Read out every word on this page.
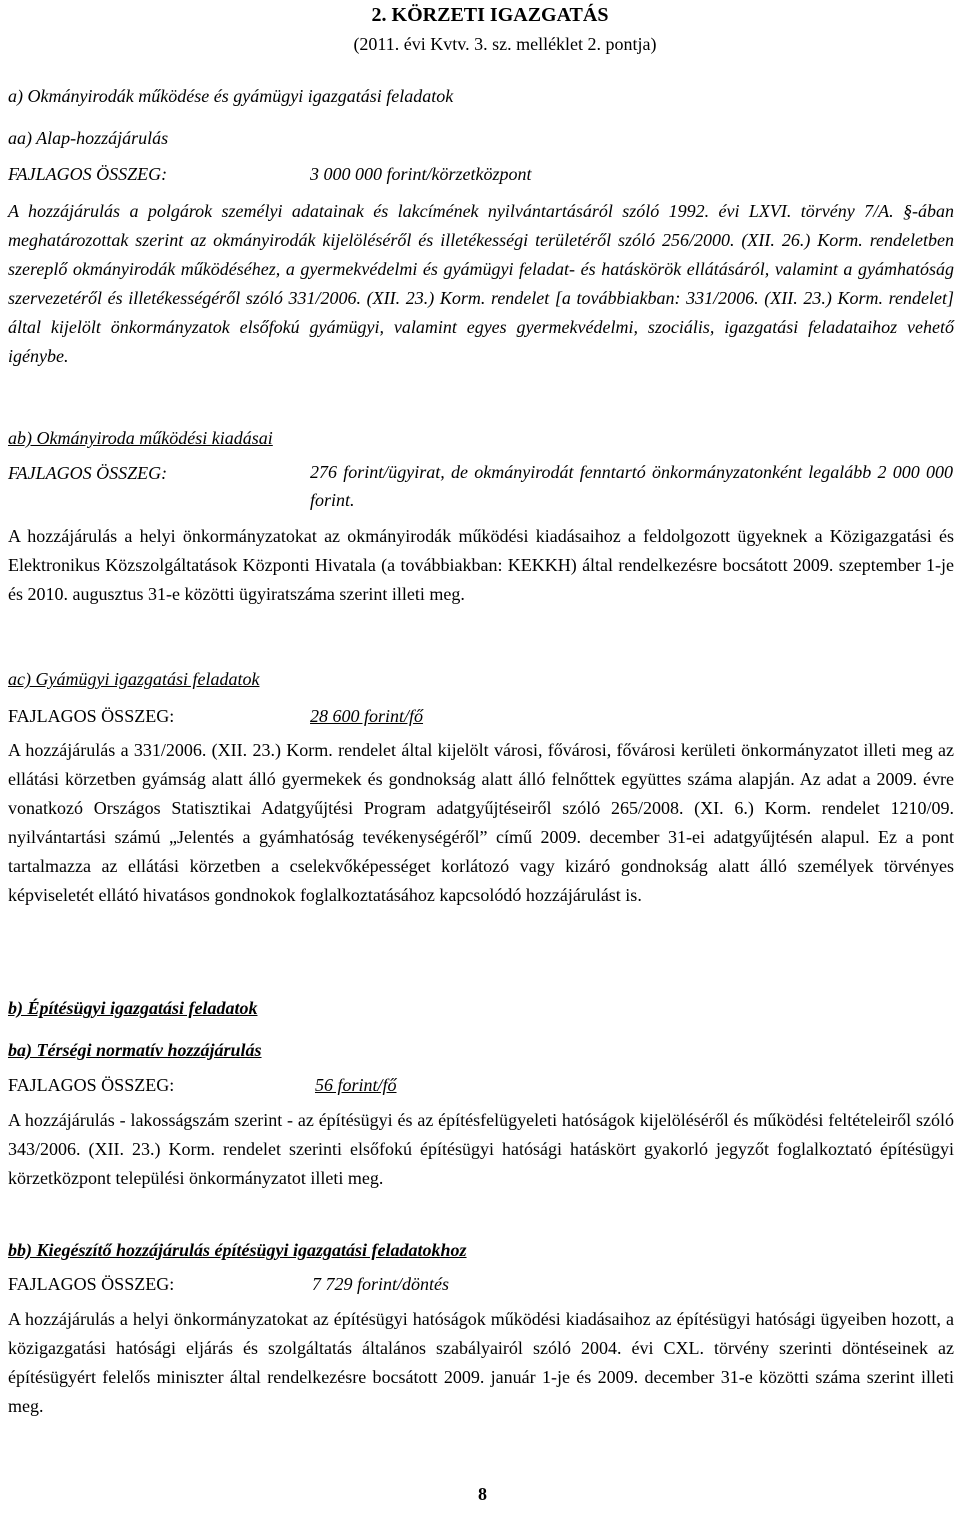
2. KÖRZETI IGAZGATÁS
(2011. évi Kvtv. 3. sz. melléklet 2. pontja)
a) Okmányirodák működése és gyámügyi igazgatási feladatok
aa) Alap-hozzájárulás
FAJLAGOS ÖSSZEG:	3 000 000 forint/körzetközpont
A hozzájárulás a polgárok személyi adatainak és lakcímének nyilvántartásáról szóló 1992. évi LXVI. törvény 7/A. §-ában meghatározottak szerint az okmányirodák kijelöléséről és illetékességi területéről szóló 256/2000. (XII. 26.) Korm. rendeletben szereplő okmányirodák működéséhez, a gyermekvédelmi és gyámügyi feladat- és hatáskörök ellátásáról, valamint a gyámhatóság szervezetéről és illetékességéről szóló 331/2006. (XII. 23.) Korm. rendelet [a továbbiakban: 331/2006. (XII. 23.) Korm. rendelet] által kijelölt önkormányzatok elsőfokú gyámügyi, valamint egyes gyermekvédelmi, szociális, igazgatási feladataihoz vehető igénybe.
ab) Okmányiroda működési kiadásai
FAJLAGOS ÖSSZEG:	276 forint/ügyirat, de okmányirodát fenntartó önkormányzatonként legalább 2 000 000 forint.
A hozzájárulás a helyi önkormányzatokat az okmányirodák működési kiadásaihoz a feldolgozott ügyeknek a Közigazgatási és Elektronikus Közszolgáltatások Központi Hivatala (a továbbiakban: KEKKH) által rendelkezésre bocsátott 2009. szeptember 1-je és 2010. augusztus 31-e közötti ügyiratszáma szerint illeti meg.
ac) Gyámügyi igazgatási feladatok
FAJLAGOS ÖSSZEG:	28 600 forint/fő
A hozzájárulás a 331/2006. (XII. 23.) Korm. rendelet által kijelölt városi, fővárosi, fővárosi kerületi önkormányzatot illeti meg az ellátási körzetben gyámság alatt álló gyermekek és gondnokság alatt álló felnőttek együttes száma alapján. Az adat a 2009. évre vonatkozó Országos Statisztikai Adatgyűjtési Program adatgyűjtéseiről szóló 265/2008. (XI. 6.) Korm. rendelet 1210/09. nyilvántartási számú „Jelentés a gyámhatóság tevékenységéről” című 2009. december 31-ei adatgyűjtésén alapul. Ez a pont tartalmazza az ellátási körzetben a cselekvőképességet korlátozó vagy kizáró gondnokság alatt álló személyek törvényes képviseletét ellátó hivatásos gondnokok foglalkoztatásához kapcsolódó hozzájárulást is.
b) Építésügyi igazgatási feladatok
ba) Térségi normatív hozzájárulás
FAJLAGOS ÖSSZEG:	56 forint/fő
A hozzájárulás - lakosságszám szerint - az építésügyi és az építésfelügyeleti hatóságok kijelöléséről és működési feltételeiről szóló 343/2006. (XII. 23.) Korm. rendelet szerinti elsőfokú építésügyi hatósági hatáskört gyakorló jegyzőt foglalkoztató építésügyi körzetközpont települési önkormányzatot illeti meg.
bb) Kiegészítő hozzájárulás építésügyi igazgatási feladatokhoz
FAJLAGOS ÖSSZEG:	7 729 forint/döntés
A hozzájárulás a helyi önkormányzatokat az építésügyi hatóságok működési kiadásaihoz az építésügyi hatósági ügyeiben hozott, a közigazgatási hatósági eljárás és szolgáltatás általános szabályairól szóló 2004. évi CXL. törvény szerinti döntéseinek az építésügyért felelős miniszter által rendelkezésre bocsátott 2009. január 1-je és 2009. december 31-e közötti száma szerint illeti meg.
8
